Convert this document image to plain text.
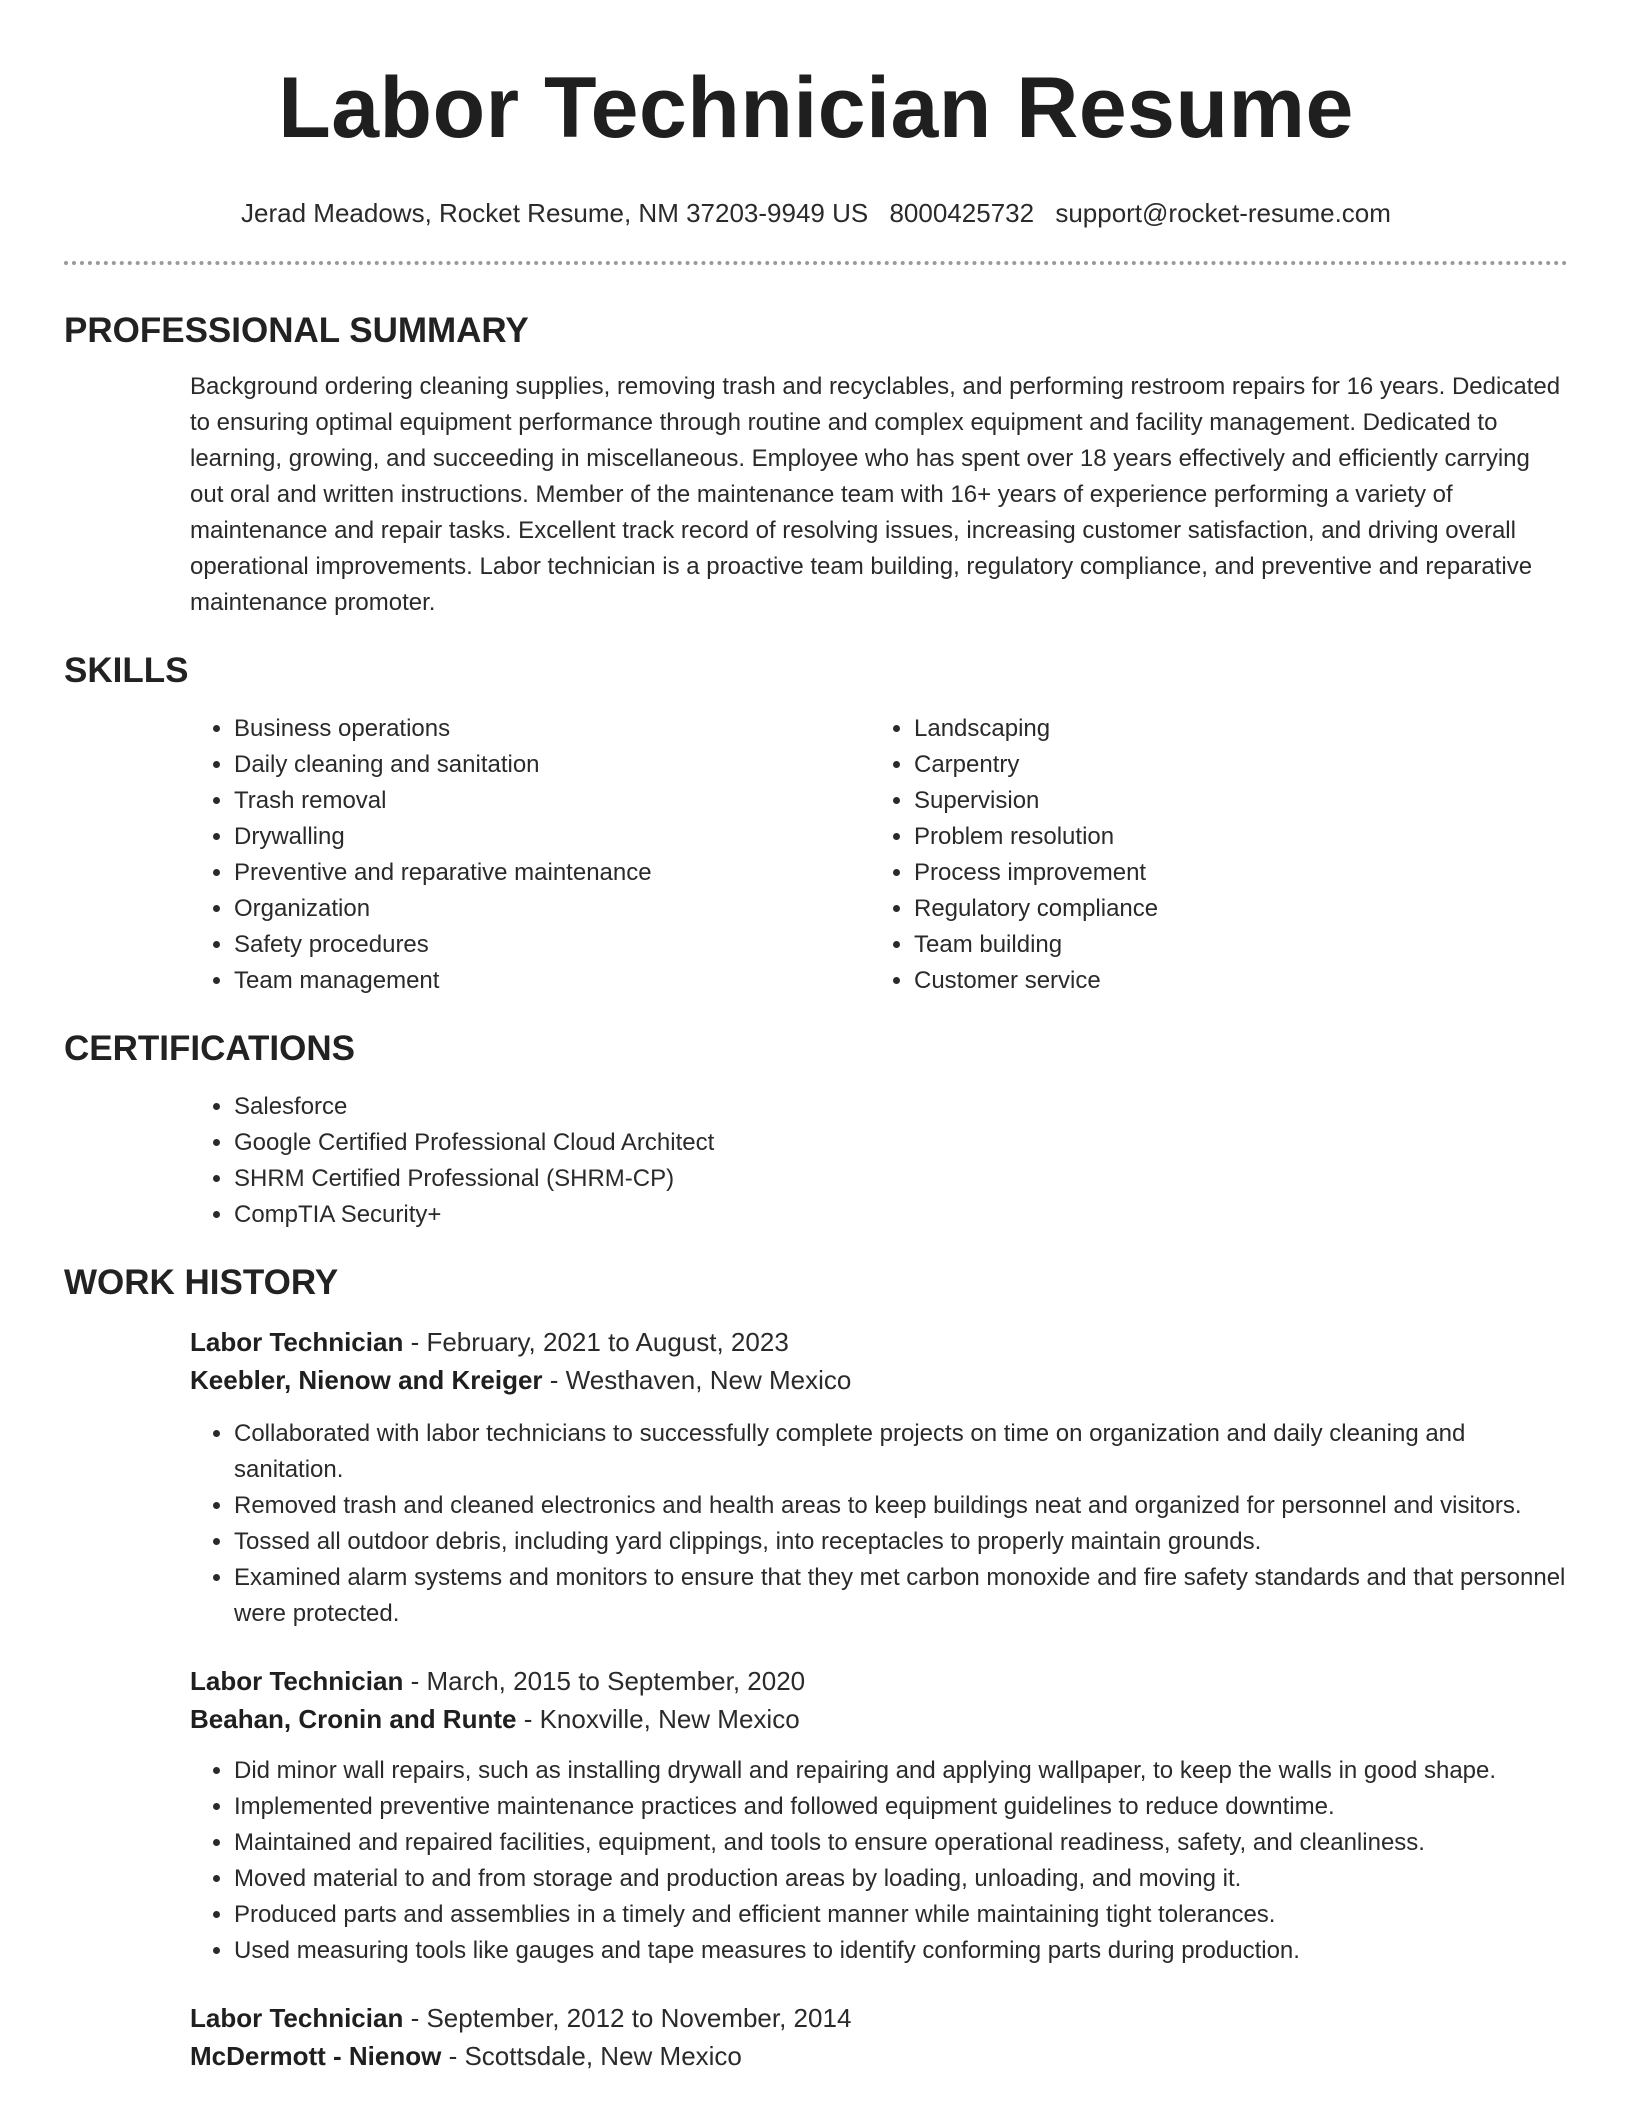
Labor Technician Resume
Jerad Meadows, Rocket Resume, NM 37203-9949 US 8000425732 support@rocket-resume.com
PROFESSIONAL SUMMARY

Background ordering cleaning supplies, removing trash and recyclables, and performing restroom repairs for 16 years. Dedicated to ensuring optimal equipment performance through routine and complex equipment and facility management. Dedicated to learning, growing, and succeeding in miscellaneous. Employee who has spent over 18 years effectively and efficiently carrying out oral and written instructions. Member of the maintenance team with 16+ years of experience performing a variety of maintenance and repair tasks. Excellent track record of resolving issues, increasing customer satisfaction, and driving overall operational improvements. Labor technician is a proactive team building, regulatory compliance, and preventive and reparative maintenance promoter.

SKILLS
• Business operations
• Daily cleaning and sanitation
• Trash removal
• Drywalling
• Preventive and reparative maintenance
• Organization
• Safety procedures
• Team management
• Landscaping
• Carpentry
• Supervision
• Problem resolution
• Process improvement
• Regulatory compliance
• Team building
• Customer service
CERTIFICATIONS
• Salesforce
• Google Certified Professional Cloud Architect
• SHRM Certified Professional (SHRM-CP)
• CompTIA Security+
WORK HISTORY
Labor Technician - February, 2021 to August, 2023
Keebler, Nienow and Kreiger - Westhaven, New Mexico
• Collaborated with labor technicians to successfully complete projects on time on organization and daily cleaning and sanitation.
• Removed trash and cleaned electronics and health areas to keep buildings neat and organized for personnel and visitors.
• Tossed all outdoor debris, including yard clippings, into receptacles to properly maintain grounds.
• Examined alarm systems and monitors to ensure that they met carbon monoxide and fire safety standards and that personnel were protected.
Labor Technician - March, 2015 to September, 2020
Beahan, Cronin and Runte - Knoxville, New Mexico
• Did minor wall repairs, such as installing drywall and repairing and applying wallpaper, to keep the walls in good shape.
• Implemented preventive maintenance practices and followed equipment guidelines to reduce downtime.
• Maintained and repaired facilities, equipment, and tools to ensure operational readiness, safety, and cleanliness.
• Moved material to and from storage and production areas by loading, unloading, and moving it.
• Produced parts and assemblies in a timely and efficient manner while maintaining tight tolerances.
• Used measuring tools like gauges and tape measures to identify conforming parts during production.
Labor Technician - September, 2012 to November, 2014
McDermott - Nienow - Scottsdale, New Mexico
